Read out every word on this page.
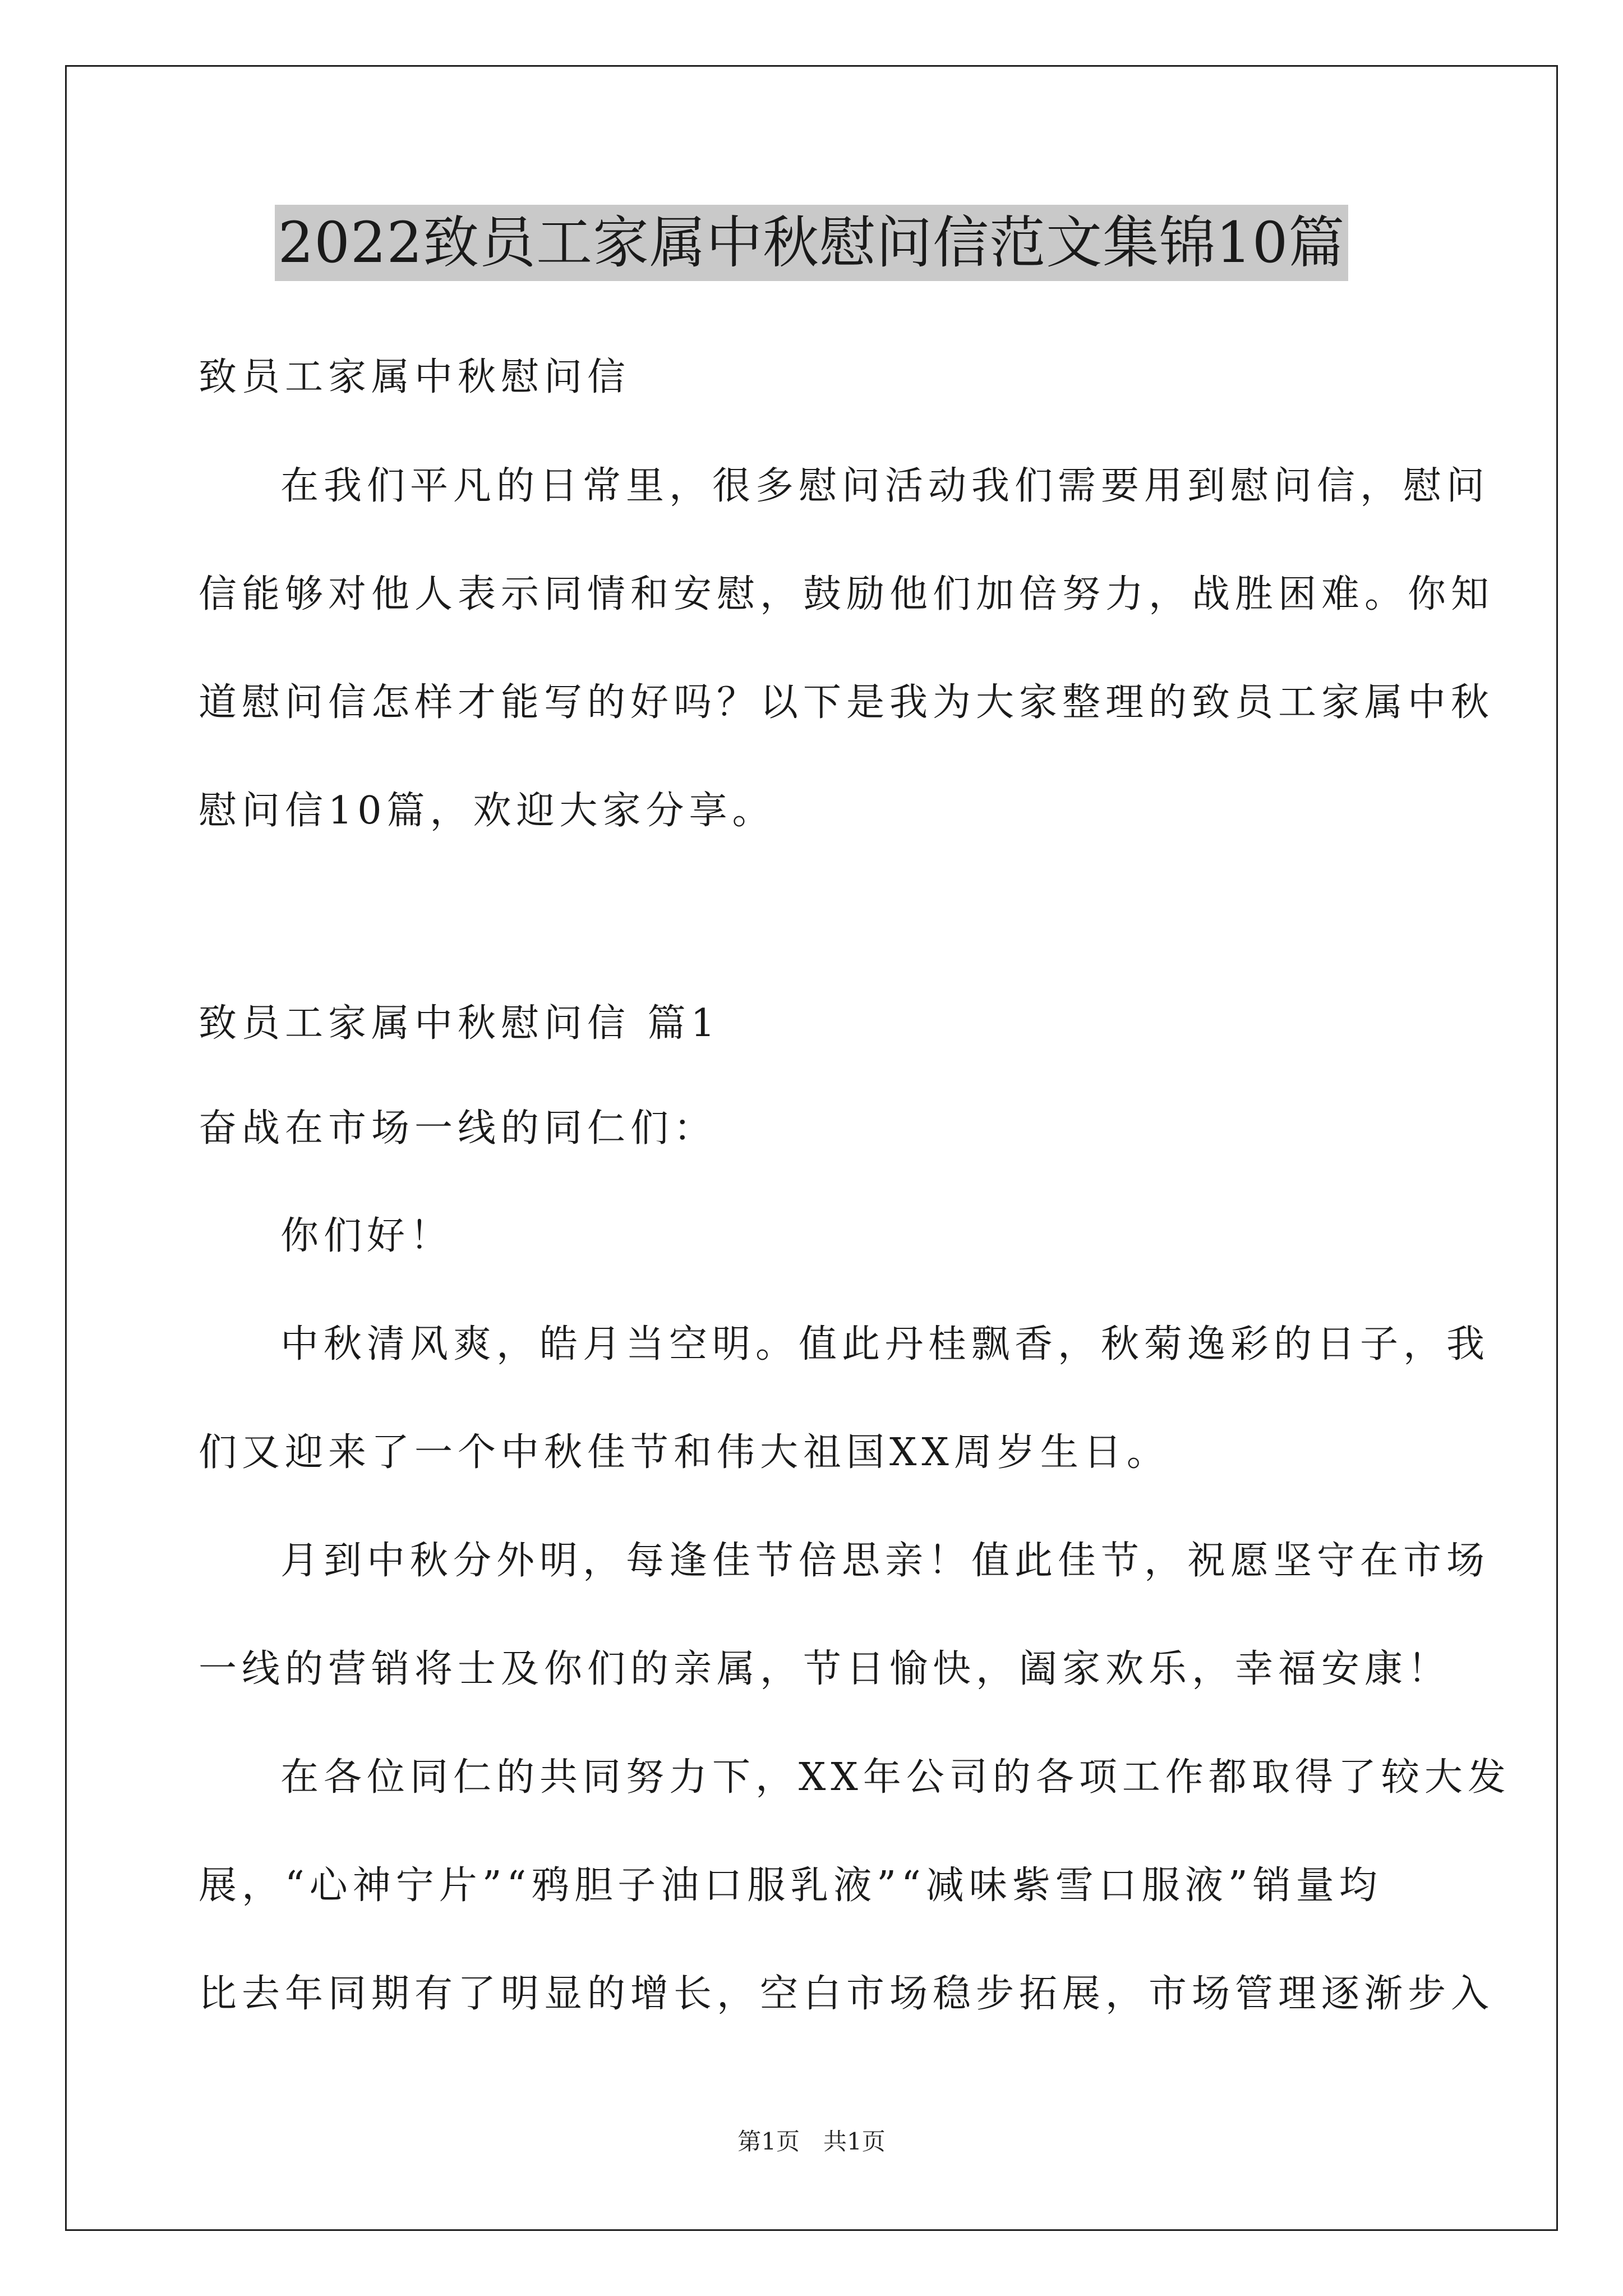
2022致员工家属中秋慰问信范文集锦10篇
致员工家属中秋慰问信
在我们平凡的日常里，很多慰问活动我们需要用到慰问信，慰问
信能够对他人表示同情和安慰，鼓励他们加倍努力，战胜困难。你知
道慰问信怎样才能写的好吗？以下是我为大家整理的致员工家属中秋
慰问信10篇，欢迎大家分享。
致员工家属中秋慰问信 篇1
奋战在市场一线的同仁们：
你们好！
中秋清风爽，皓月当空明。值此丹桂飘香，秋菊逸彩的日子，我
们又迎来了一个中秋佳节和伟大祖国XX周岁生日。
月到中秋分外明，每逢佳节倍思亲！值此佳节，祝愿坚守在市场
一线的营销将士及你们的亲属，节日愉快，阖家欢乐，幸福安康！
在各位同仁的共同努力下，XX年公司的各项工作都取得了较大发
展，“心神宁片”“鸦胆子油口服乳液”“减味紫雪口服液”销量均
比去年同期有了明显的增长，空白市场稳步拓展，市场管理逐渐步入
第1页　共1页
